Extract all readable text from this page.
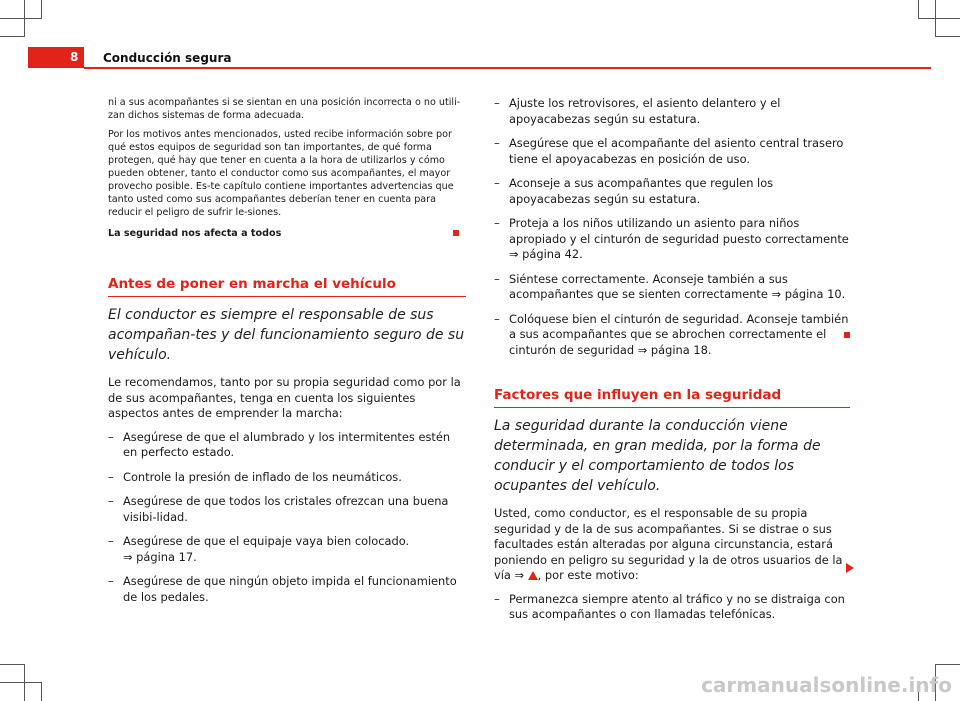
8 Conducción segura

ni a sus acompañantes si se sientan en una posición incorrecta o no utili-zan dichos sistemas de forma adecuada.

Por los motivos antes mencionados, usted recibe información sobre por qué estos equipos de seguridad son tan importantes, de qué forma protegen, qué hay que tener en cuenta a la hora de utilizarlos y cómo pueden obtener, tanto el conductor como sus acompañantes, el mayor provecho posible. Es-te capítulo contiene importantes advertencias que tanto usted como sus acompañantes deberían tener en cuenta para reducir el peligro de sufrir le-siones.

La seguridad nos afecta a todos

Antes de poner en marcha el vehículo

El conductor es siempre el responsable de sus acompañan-tes y del funcionamiento seguro de su vehículo.

Le recomendamos, tanto por su propia seguridad como por la de sus acompañantes, tenga en cuenta los siguientes aspectos antes de emprender la marcha:

– Asegúrese de que el alumbrado y los intermitentes estén en perfecto estado.
– Controle la presión de inflado de los neumáticos.
– Asegúrese de que todos los cristales ofrezcan una buena visibi-lidad.
– Asegúrese de que el equipaje vaya bien colocado.
⇒ página 17.
– Asegúrese de que ningún objeto impida el funcionamiento de los pedales.
– Ajuste los retrovisores, el asiento delantero y el apoyacabezas según su estatura.
– Asegúrese que el acompañante del asiento central trasero tiene el apoyacabezas en posición de uso.
– Aconseje a sus acompañantes que regulen los apoyacabezas según su estatura.
– Proteja a los niños utilizando un asiento para niños apropiado y el cinturón de seguridad puesto correctamente ⇒ página 42.
– Siéntese correctamente. Aconseje también a sus acompañantes que se sienten correctamente ⇒ página 10.
– Colóquese bien el cinturón de seguridad. Aconseje también a sus acompañantes que se abrochen correctamente el cinturón de seguridad ⇒ página 18.
Factores que influyen en la seguridad

La seguridad durante la conducción viene determinada, en gran medida, por la forma de conducir y el comportamiento de todos los ocupantes del vehículo.

Usted, como conductor, es el responsable de su propia seguridad y de la de sus acompañantes. Si se distrae o sus facultades están alteradas por alguna circunstancia, estará poniendo en peligro su seguridad y la de otros usuarios de la vía ⇒ , por este motivo:

– Permanezca siempre atento al tráfico y no se distraiga con sus acompañantes o con llamadas telefónicas.
carmanualsonline.info
